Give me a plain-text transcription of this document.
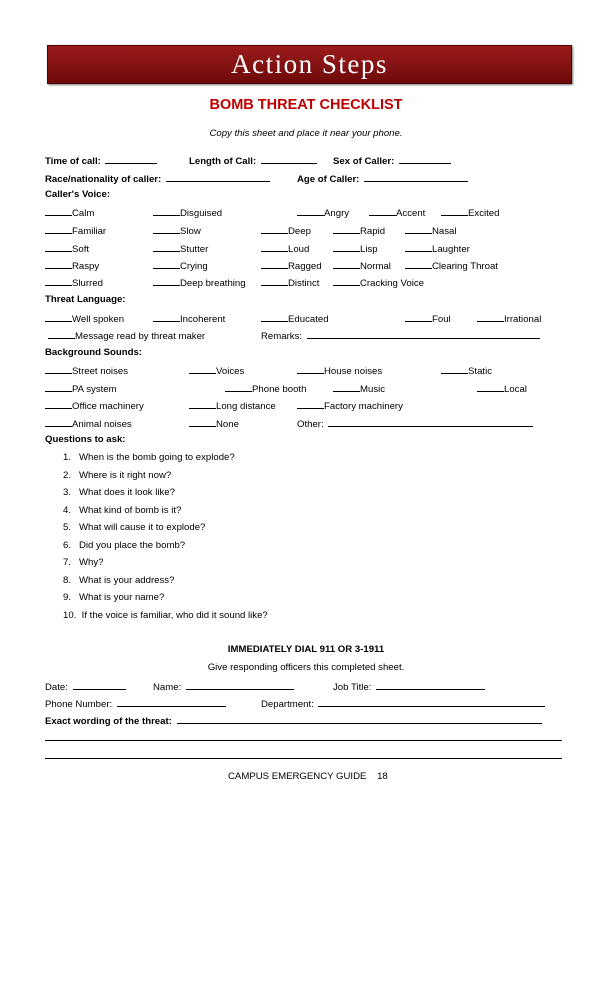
Action Steps
BOMB THREAT CHECKLIST
Copy this sheet and place it near your phone.
Time of call:	Length of Call:	Sex of Caller:
Race/nationality of caller:	Age of Caller:
Caller's Voice:
Calm	Disguised	Angry	Accent	Excited
Familiar	Slow	Deep	Rapid	Nasal
Soft	Stutter	Loud	Lisp	Laughter
Raspy	Crying	Ragged	Normal	Clearing Throat
Slurred	Deep breathing	Distinct	Cracking Voice
Threat Language:
Well spoken	Incoherent	Educated	Foul	Irrational
Message read by threat maker	Remarks:
Background Sounds:
Street noises	Voices	House noises	Static
PA system	Phone booth	Music	Local
Office machinery	Long distance	Factory machinery
Animal noises	None	Other:
Questions to ask:
1.   When is the bomb going to explode?
2.   Where is it right now?
3.   What does it look like?
4.   What kind of bomb is it?
5.   What will cause it to explode?
6.   Did you place the bomb?
7.   Why?
8.   What is your address?
9.   What is your name?
10.  If the voice is familiar, who did it sound like?
IMMEDIATELY DIAL 911 OR 3-1911
Give responding officers this completed sheet.
Date:	Name:	Job Title:
Phone Number:	Department:
Exact wording of the threat:
CAMPUS EMERGENCY GUIDE 18
